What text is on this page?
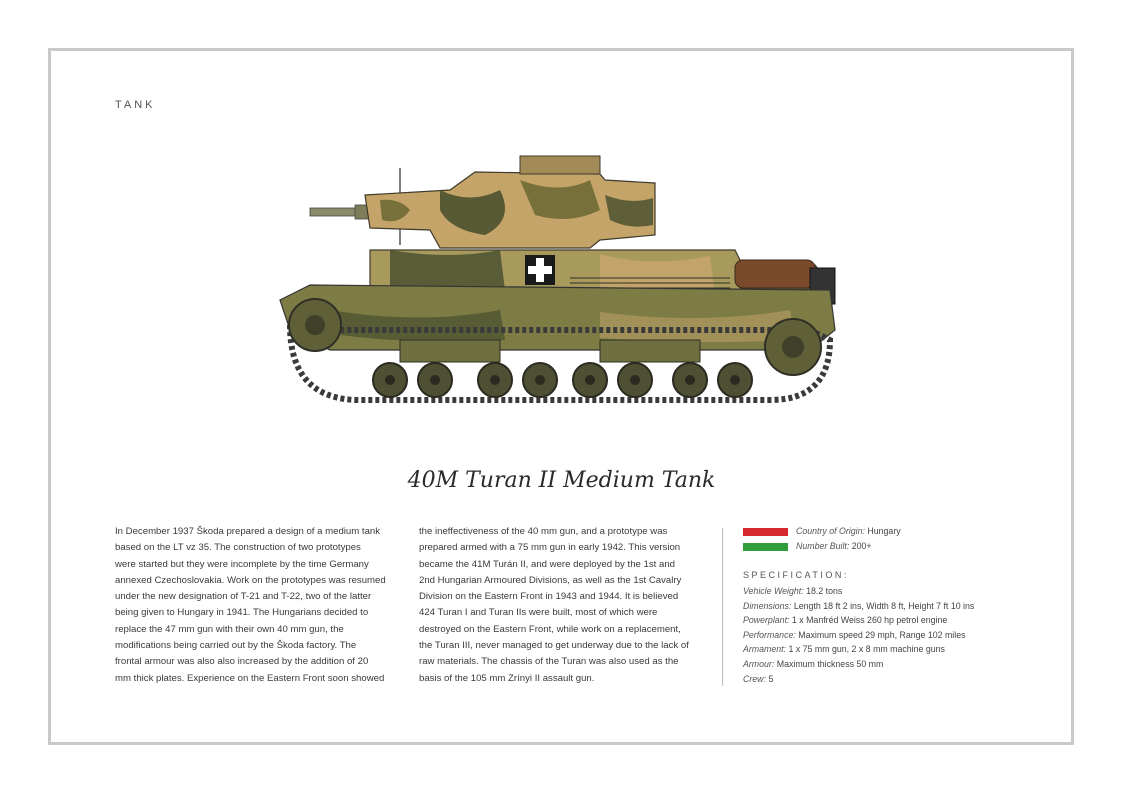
TANK
40M Turan II Medium Tank
In December 1937 Škoda prepared a design of a medium tank
based on the LT vz 35. The construction of two prototypes
were started but they were incomplete by the time Germany
annexed Czechoslovakia. Work on the prototypes was resumed
under the new designation of T-21 and T-22, two of the latter
being given to Hungary in 1941. The Hungarians decided to
replace the 47 mm gun with their own 40 mm gun, the
modifications being carried out by the Škoda factory. The
frontal armour was also also increased by the addition of 20
mm thick plates. Experience on the Eastern Front soon showed
the ineffectiveness of the 40 mm gun, and a prototype was
prepared armed with a 75 mm gun in early 1942. This version
became the 41M Turán II, and were deployed by the 1st and
2nd Hungarian Armoured Divisions, as well as the 1st Cavalry
Division on the Eastern Front in 1943 and 1944. It is believed
424 Turan I and Turan IIs were built, most of which were
destroyed on the Eastern Front, while work on a replacement,
the Turan III, never managed to get underway due to the lack of
raw materials. The chassis of the Turan was also used as the
basis of the 105 mm Zrínyi II assault gun.
Country of Origin: Hungary
Number Built: 200+
SPECIFICATION:
Vehicle Weight: 18.2 tons
Dimensions: Length 18 ft 2 ins, Width 8 ft, Height 7 ft 10 ins
Powerplant: 1 x Manfréd Weiss 260 hp petrol engine
Performance: Maximum speed 29 mph, Range 102 miles
Armament: 1 x 75 mm gun, 2 x 8 mm machine guns
Armour: Maximum thickness 50 mm
Crew: 5
